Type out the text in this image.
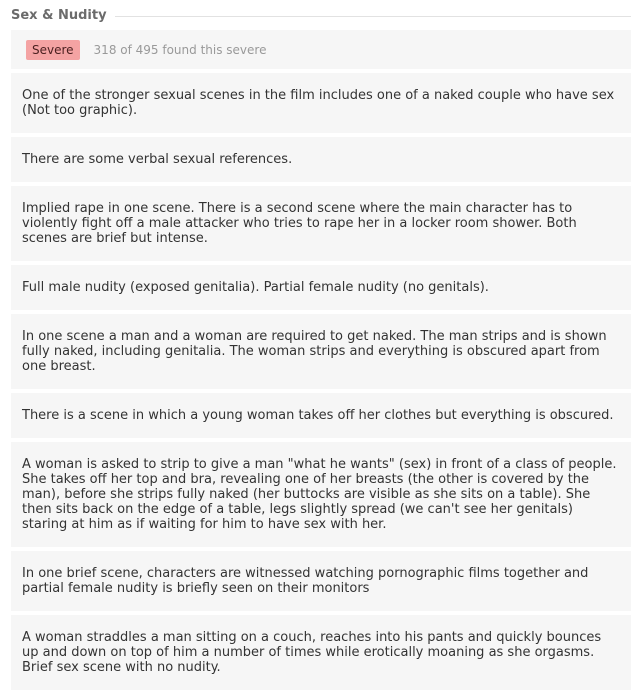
Sex & Nudity
Severe	318 of 495 found this severe
One of the stronger sexual scenes in the film includes one of a naked couple who have sex (Not too graphic).
There are some verbal sexual references.
Implied rape in one scene. There is a second scene where the main character has to violently fight off a male attacker who tries to rape her in a locker room shower. Both scenes are brief but intense.
Full male nudity (exposed genitalia). Partial female nudity (no genitals).
In one scene a man and a woman are required to get naked. The man strips and is shown fully naked, including genitalia. The woman strips and everything is obscured apart from one breast.
There is a scene in which a young woman takes off her clothes but everything is obscured.
A woman is asked to strip to give a man "what he wants" (sex) in front of a class of people. She takes off her top and bra, revealing one of her breasts (the other is covered by the man), before she strips fully naked (her buttocks are visible as she sits on a table). She then sits back on the edge of a table, legs slightly spread (we can't see her genitals) staring at him as if waiting for him to have sex with her.
In one brief scene, characters are witnessed watching pornographic films together and partial female nudity is briefly seen on their monitors
A woman straddles a man sitting on a couch, reaches into his pants and quickly bounces up and down on top of him a number of times while erotically moaning as she orgasms. Brief sex scene with no nudity.
